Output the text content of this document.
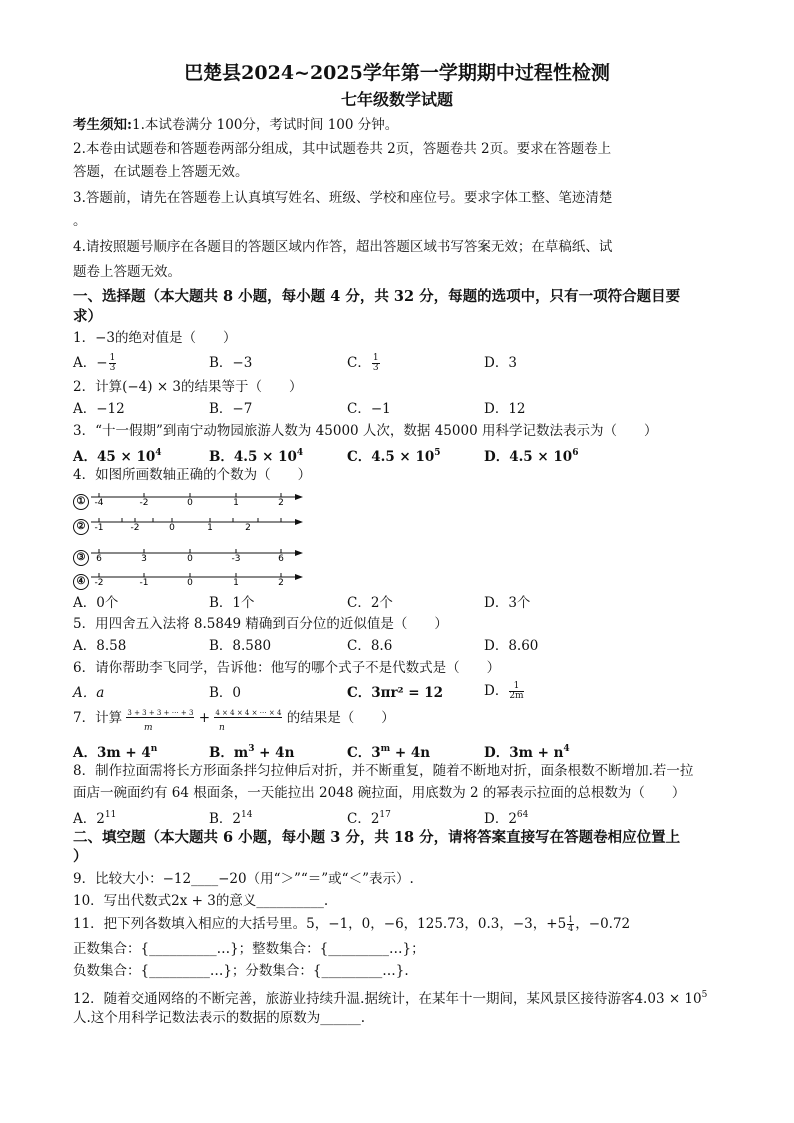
巴楚县2024~2025学年第一学期期中过程性检测
七年级数学试题
考生须知:1.本试卷满分 100分，考试时间 100 分钟。
2.本卷由试题卷和答题卷两部分组成，其中试题卷共 2页，答题卷共 2页。要求在答题卷上
答题，在试题卷上答题无效。
3.答题前，请先在答题卷上认真填写姓名、班级、学校和座位号。要求字体工整、笔迹清楚
。
4.请按照题号顺序在各题目的答题区域内作答，超出答题区域书写答案无效；在草稿纸、试
题卷上答题无效。
一、选择题（本大题共 8 小题，每小题 4 分，共 32 分，每题的选项中，只有一项符合题目要
求）
1．−3的绝对值是（　　）
A．− $\frac{1}{3}$	B．−3	C． $\frac{1}{3}$	D．3
2．计算(−4) × 3的结果等于（　　）
A．−12	B．−7	C．−1	D．12
3．“十一假期”到南宁动物园旅游人数为 45000 人次，数据 45000 用科学记数法表示为（　　）
A．$45 \times 10^4$	B．$4.5 \times 10^4$	C．$4.5 \times 10^5$	D．$4.5 \times 10^6$
4．如图所画数轴正确的个数为（　　）
①	-4	-2	0	1	2
②	-1	-2	0	1	2
③	6	3	0	-3	6
④	-2	-1	0	1	2
A．0个	B．1个	C．2个	D．3个
5．用四舍五入法将 8.5849 精确到百分位的近似值是（　　）
A．8.58	B．8.580	C．8.6	D．8.60
6．请你帮助李飞同学，告诉他：他写的哪个式子不是代数式是（　　）
A．a	B．0	C．3πr² = 12	D． $\frac{1}{2m}$
7．计算 3 + 3 + 3 + ⋯ + 3 + 4 × 4 × 4 × ⋯ × 4 的结果是（　　）
m	n
A．$3m + 4^n$	B．$m^3 + 4n$	C．$3^m + 4n$	D．$3m + n^4$
8．制作拉面需将长方形面条拌匀拉伸后对折，并不断重复，随着不断地对折，面条根数不断增加.若一拉
面店一碗面约有 64 根面条，一天能拉出 2048 碗拉面，用底数为 2 的幂表示拉面的总根数为（　　）
A．$2^{11}$	B．$2^{14}$	C．$2^{17}$	D．$2^{64}$
二、填空题（本大题共 6 小题，每小题 3 分，共 18 分，请将答案直接写在答题卷相应位置上
）
9．比较大小：−12____−20（用“＞”“＝”或“＜”表示）.
10．写出代数式2x + 3的意义__________.
11．把下列各数填入相应的大括号里。5，−1，0，−6，125.73，0.3，−3，$+5 \frac{1}{4}$ ，−0.72
正数集合：{__________…}；整数集合：{_________…}；
负数集合：{_________…}；分数集合：{_________…}.
12．随着交通网络的不断完善，旅游业持续升温.据统计，在某年十一期间，某风景区接待游客$4.03 \times 10^5$
人.这个用科学记数法表示的数据的原数为______.
